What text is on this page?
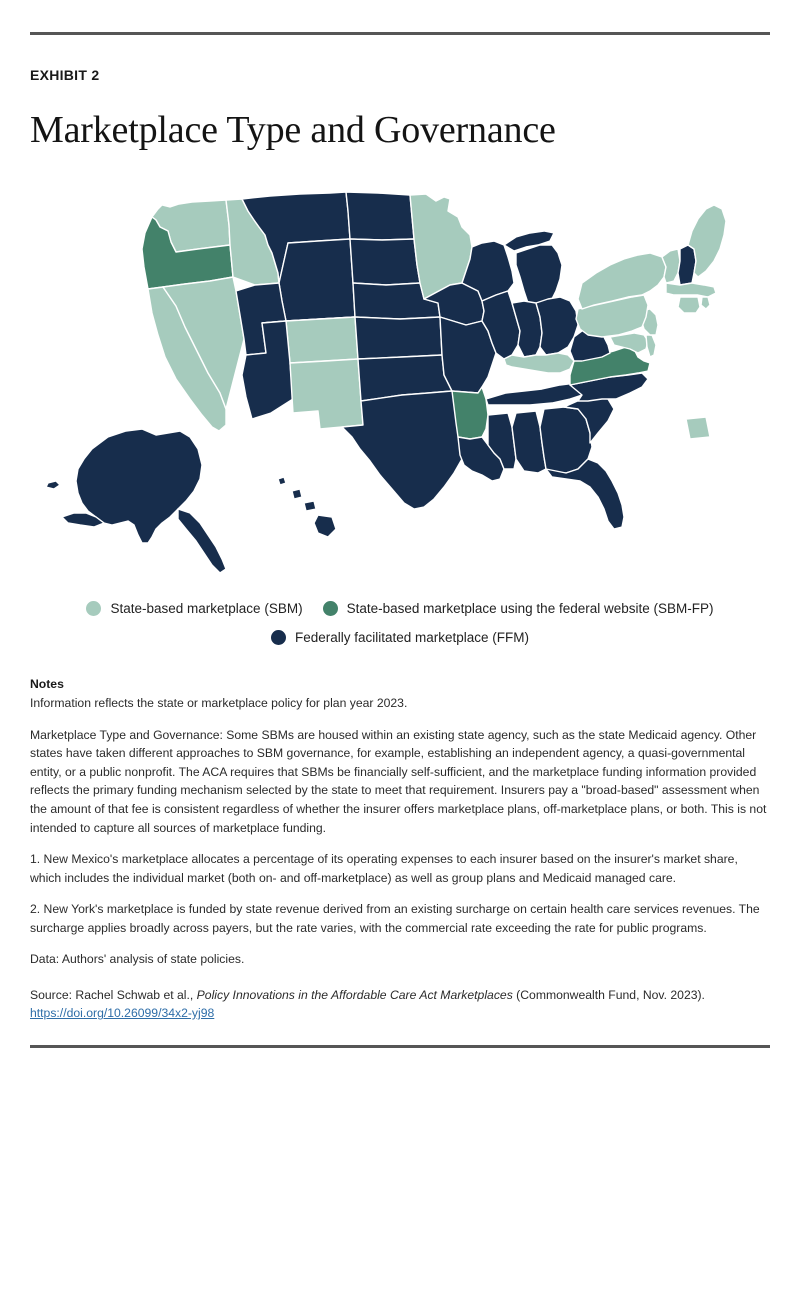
EXHIBIT 2
Marketplace Type and Governance
State-based marketplace (SBM)	State-based marketplace using the federal website (SBM-FP)
Federally facilitated marketplace (FFM)
Notes

Information reflects the state or marketplace policy for plan year 2023.

Marketplace Type and Governance: Some SBMs are housed within an existing state agency, such as the state Medicaid agency. Other states have taken different approaches to SBM governance, for example, establishing an independent agency, a quasi-governmental entity, or a public nonprofit. The ACA requires that SBMs be financially self-sufficient, and the marketplace funding information provided reflects the primary funding mechanism selected by the state to meet that requirement. Insurers pay a "broad-based" assessment when the amount of that fee is consistent regardless of whether the insurer offers marketplace plans, off-marketplace plans, or both. This is not intended to capture all sources of marketplace funding.

1. New Mexico's marketplace allocates a percentage of its operating expenses to each insurer based on the insurer's market share, which includes the individual market (both on- and off-marketplace) as well as group plans and Medicaid managed care.

2. New York's marketplace is funded by state revenue derived from an existing surcharge on certain health care services revenues. The surcharge applies broadly across payers, but the rate varies, with the commercial rate exceeding the rate for public programs.

Data: Authors' analysis of state policies.

Source: Rachel Schwab et al., Policy Innovations in the Affordable Care Act Marketplaces (Commonwealth Fund, Nov. 2023). https://doi.org/10.26099/34x2-yj98
